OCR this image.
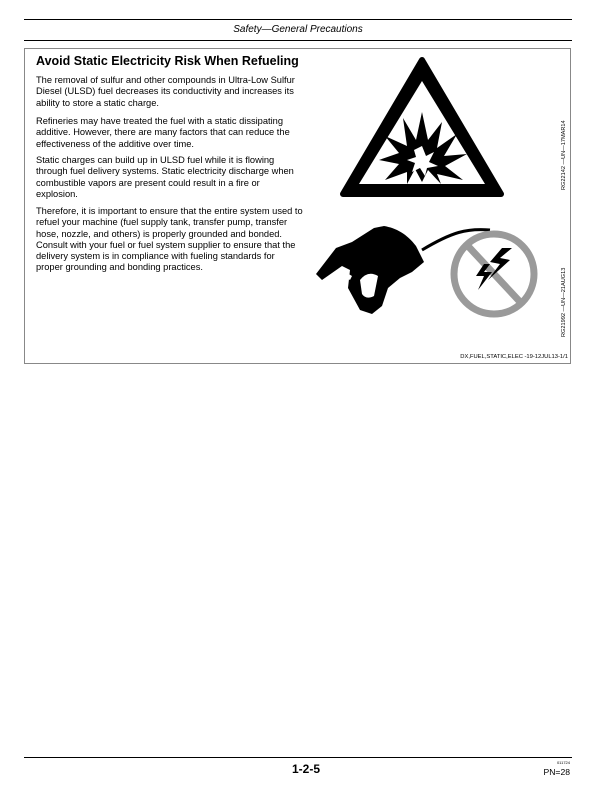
Safety—General Precautions
Avoid Static Electricity Risk When Refueling

The removal of sulfur and other compounds in Ultra-Low Sulfur Diesel (ULSD) fuel decreases its conductivity and increases its ability to store a static charge.

Refineries may have treated the fuel with a static dissipating additive. However, there are many factors that can reduce the effectiveness of the additive over time.

Static charges can build up in ULSD fuel while it is flowing through fuel delivery systems. Static electricity discharge when combustible vapors are present could result in a fire or explosion.

Therefore, it is important to ensure that the entire system used to refuel your machine (fuel supply tank, transfer pump, transfer hose, nozzle, and others) is properly grounded and bonded. Consult with your fuel or fuel system supplier to ensure that the delivery system is in compliance with fueling standards for proper grounding and bonding practices.

RG22142 —UN—17MAR14
RG21992 —UN—21AUG13
DX,FUEL,STATIC,ELEC -19-12JUL13-1/1
1-2-5	011724
PN=28
